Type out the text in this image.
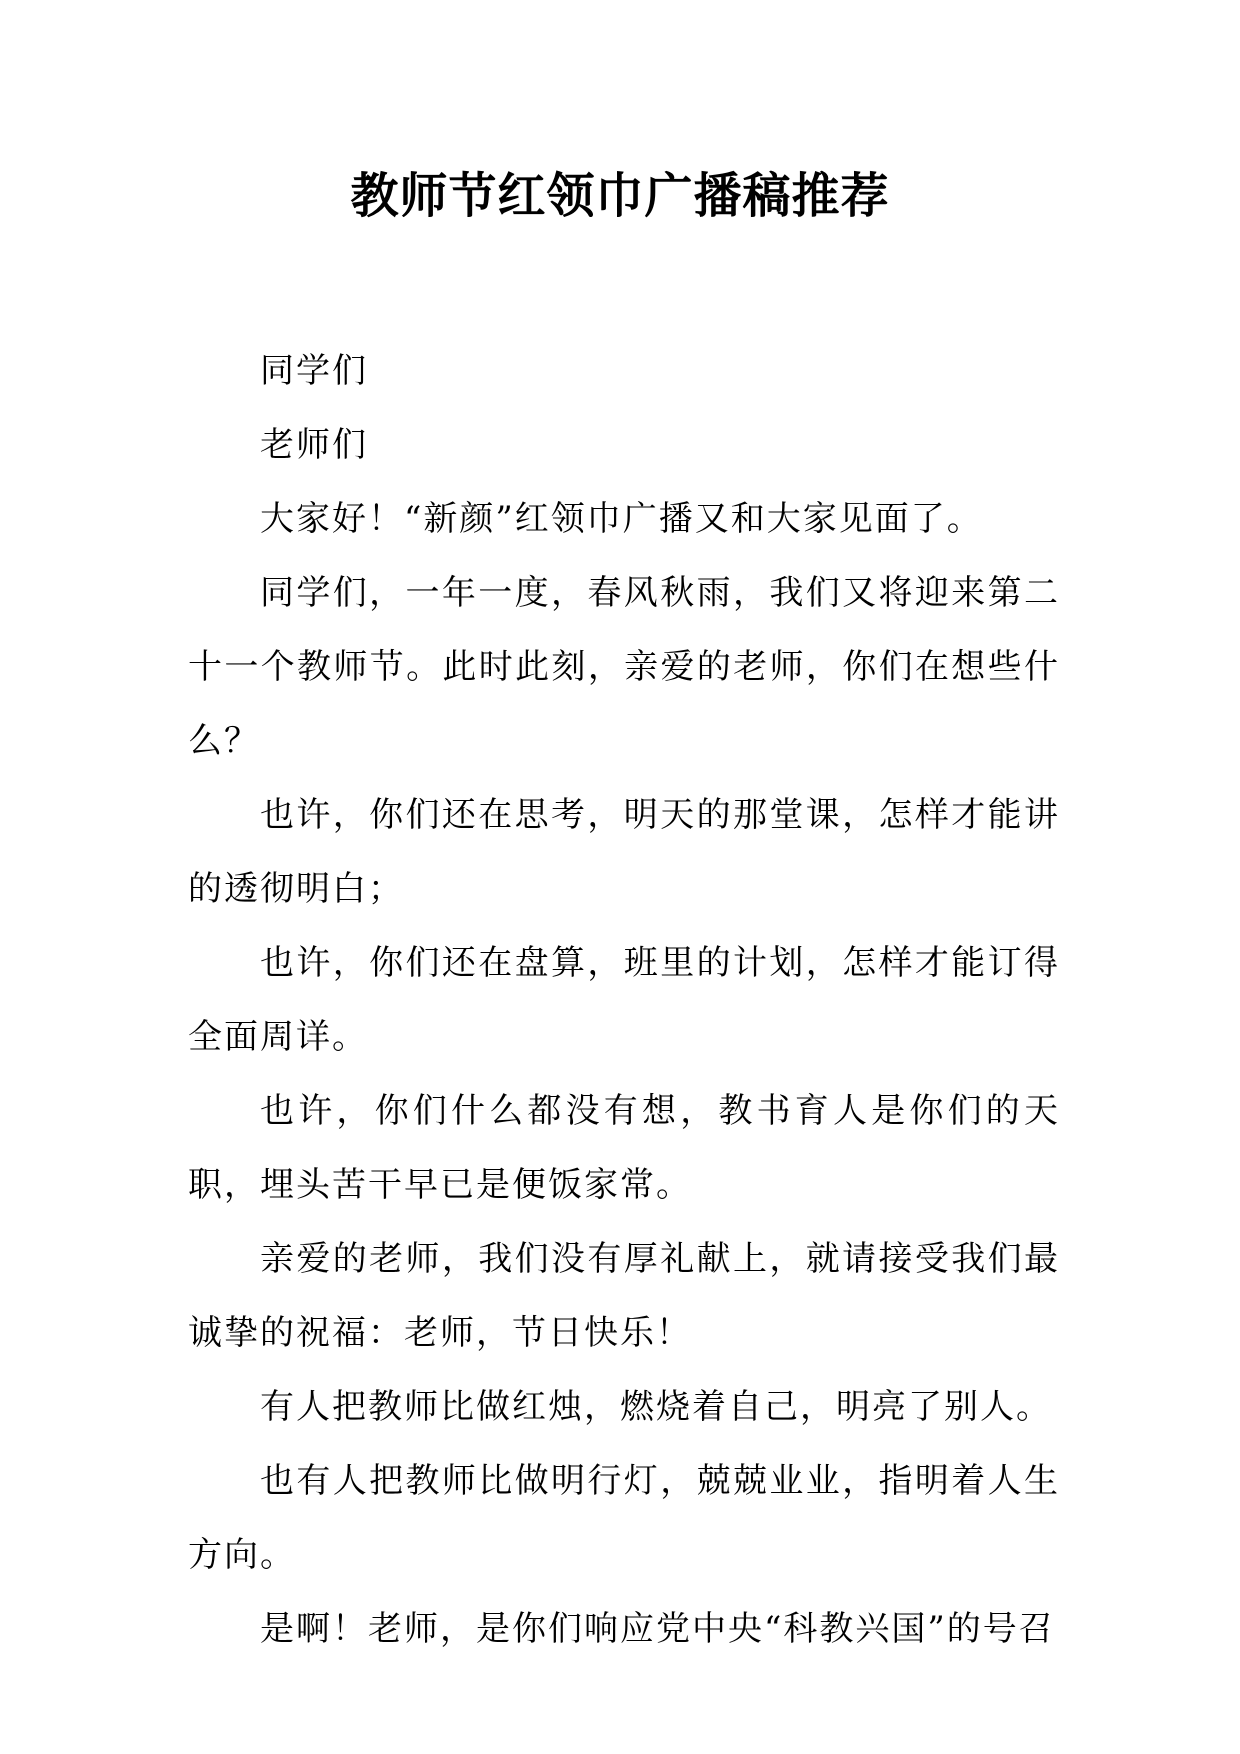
教师节红领巾广播稿推荐

同学们

老师们

大家好！“新颜”红领巾广播又和大家见面了。

同学们，一年一度，春风秋雨，我们又将迎来第二十一个教师节。此时此刻，亲爱的老师，你们在想些什么？

也许，你们还在思考，明天的那堂课，怎样才能讲的透彻明白；

也许，你们还在盘算，班里的计划，怎样才能订得全面周详。

也许，你们什么都没有想，教书育人是你们的天职，埋头苦干早已是便饭家常。

亲爱的老师，我们没有厚礼献上，就请接受我们最诚挚的祝福：老师，节日快乐！

有人把教师比做红烛，燃烧着自己，明亮了别人。

也有人把教师比做明行灯，兢兢业业，指明着人生方向。

是啊！老师，是你们响应党中央“科教兴国”的号召
